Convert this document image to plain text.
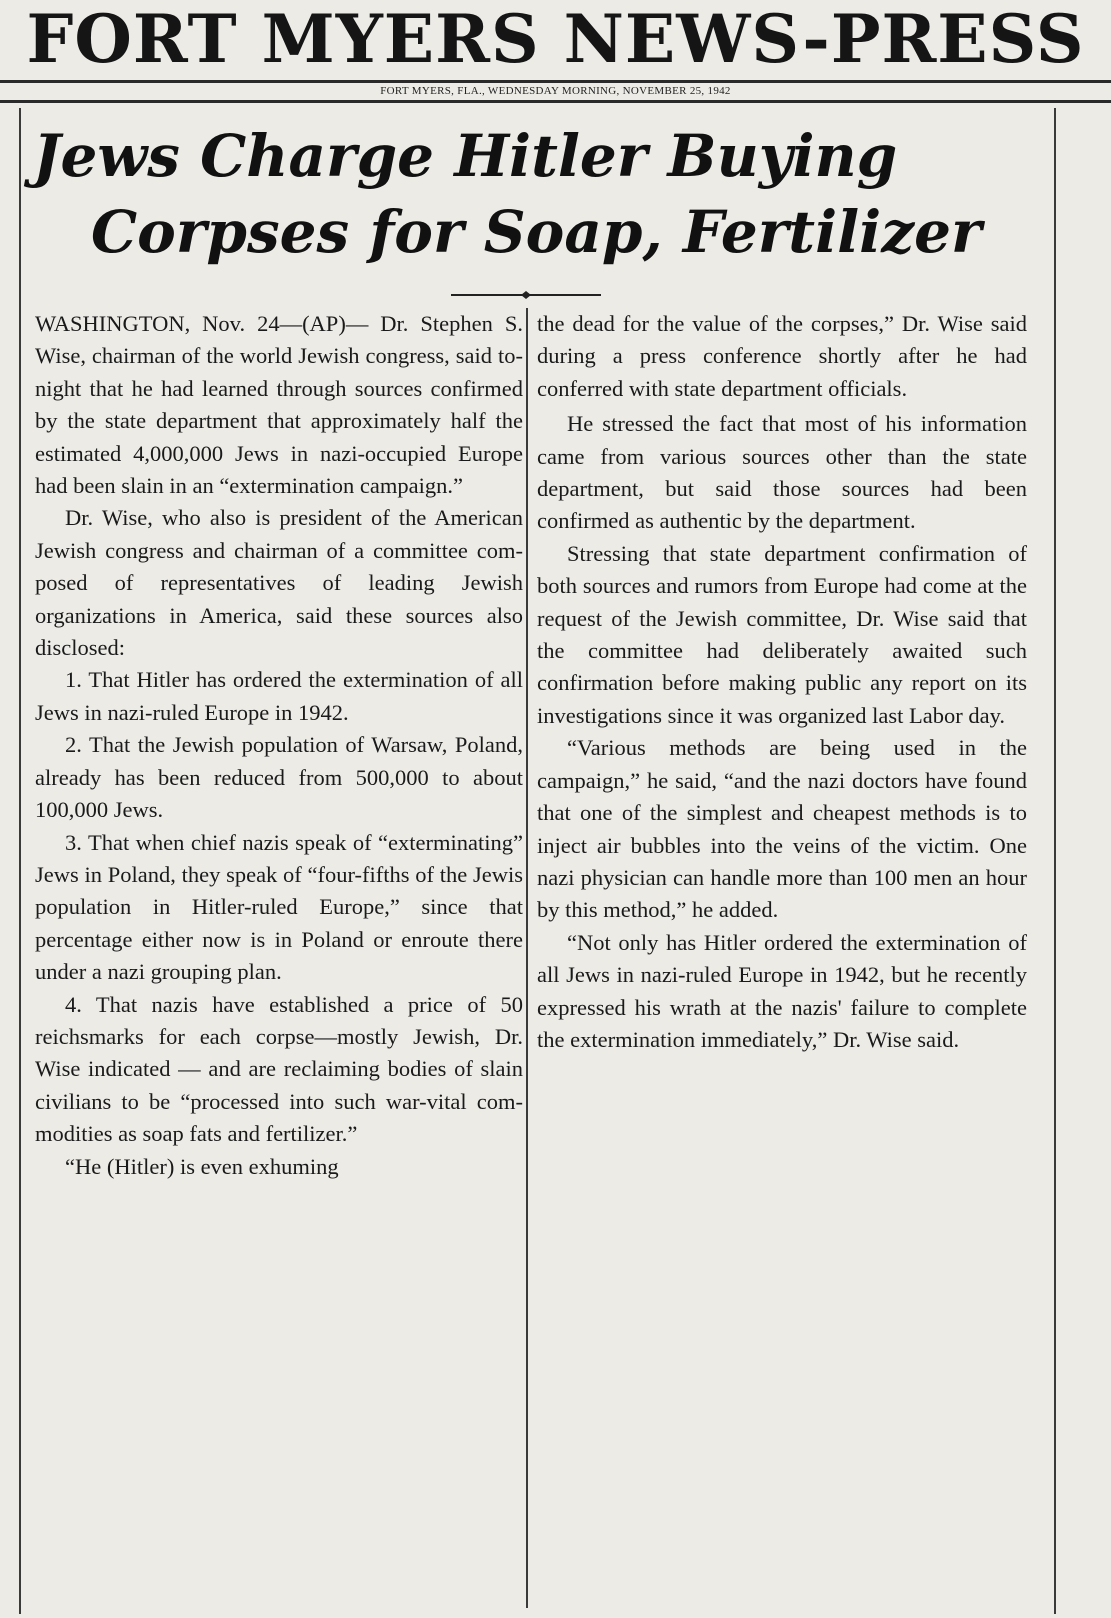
FORT MYERS NEWS-PRESS
FORT MYERS, FLA., WEDNESDAY MORNING, NOVEMBER 25, 1942
Jews Charge Hitler Buying
Corpses for Soap, Fertilizer

WASHINGTON, Nov. 24—(AP)— Dr. Stephen S. Wise, chairman of the world Jewish congress, said tonight that he had learned through sources confirmed by the state department that approximately half the estimated 4,000,000 Jews in nazi-occupied Europe had been slain in an “extermination campaign.”

Dr. Wise, who also is president of the American Jewish congress and chairman of a committee composed of representatives of leading Jewish organizations in America, said these sources also disclosed:

1. That Hitler has ordered the extermination of all Jews in nazi-ruled Europe in 1942.

2. That the Jewish population of Warsaw, Poland, already has been reduced from 500,000 to about 100,000 Jews.

3. That when chief nazis speak of “exterminating” Jews in Poland, they speak of “four-fifths of the Jewis population in Hitler-ruled Europe,” since that percentage either now is in Poland or enroute there under a nazi grouping plan.

4. That nazis have established a price of 50 reichsmarks for each corpse—mostly Jewish, Dr. Wise indicated — and are reclaiming bodies of slain civilians to be “processed into such war-vital commodities as soap fats and fertilizer.”

“He (Hitler) is even exhuming

the dead for the value of the corpses,” Dr. Wise said during a press conference shortly after he had conferred with state department officials.

He stressed the fact that most of his information came from various sources other than the state department, but said those sources had been confirmed as authentic by the department.

Stressing that state department confirmation of both sources and rumors from Europe had come at the request of the Jewish committee, Dr. Wise said that the committee had deliberately awaited such confirmation before making public any report on its investigations since it was organized last Labor day.

“Various methods are being used in the campaign,” he said, “and the nazi doctors have found that one of the simplest and cheapest methods is to inject air bubbles into the veins of the victim. One nazi physician can handle more than 100 men an hour by this method,” he added.

“Not only has Hitler ordered the extermination of all Jews in nazi-ruled Europe in 1942, but he recently expressed his wrath at the nazis' failure to complete the extermination immediately,” Dr. Wise said.
